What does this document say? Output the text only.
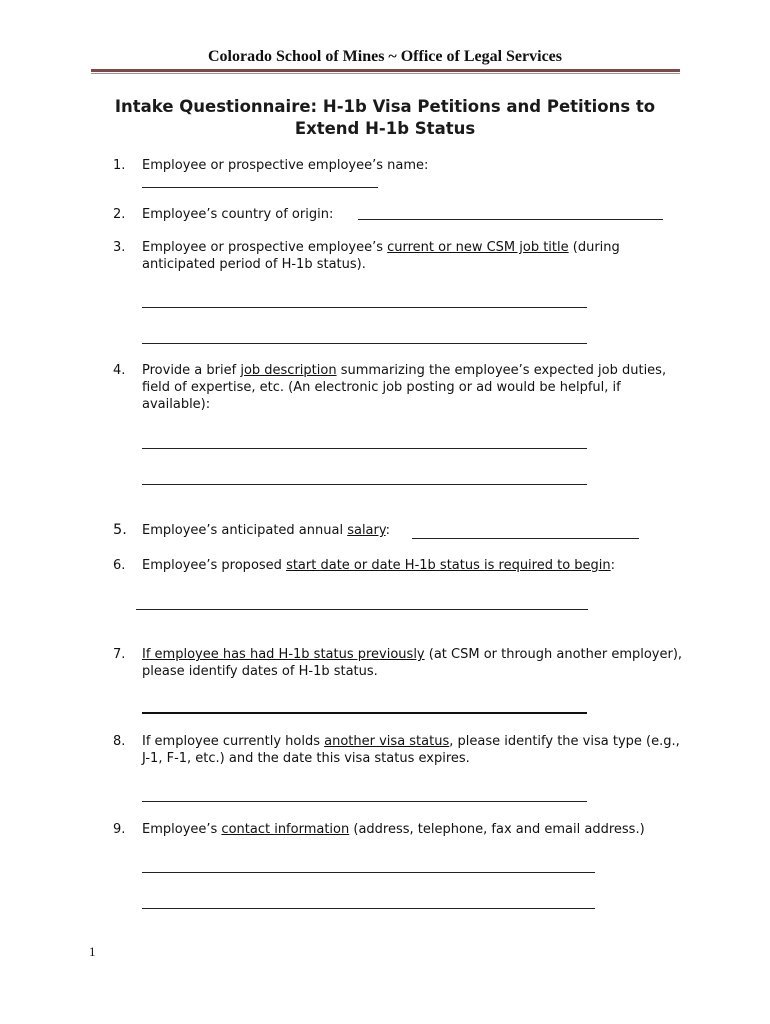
Colorado School of Mines ~ Office of Legal Services
Intake Questionnaire: H-1b Visa Petitions and Petitions to
Extend H-1b Status
1. Employee or prospective employee’s name:
2. Employee’s country of origin:
3. Employee or prospective employee’s current or new CSM job title (during anticipated period of H-1b status).
4. Provide a brief job description summarizing the employee’s expected job duties, field of expertise, etc. (An electronic job posting or ad would be helpful, if available):
5. Employee’s anticipated annual salary:
6. Employee’s proposed start date or date H-1b status is required to begin:
7. If employee has had H-1b status previously (at CSM or through another employer), please identify dates of H-1b status.
8. If employee currently holds another visa status, please identify the visa type (e.g., J-1, F-1, etc.) and the date this visa status expires.
9. Employee’s contact information (address, telephone, fax and email address.)
1
